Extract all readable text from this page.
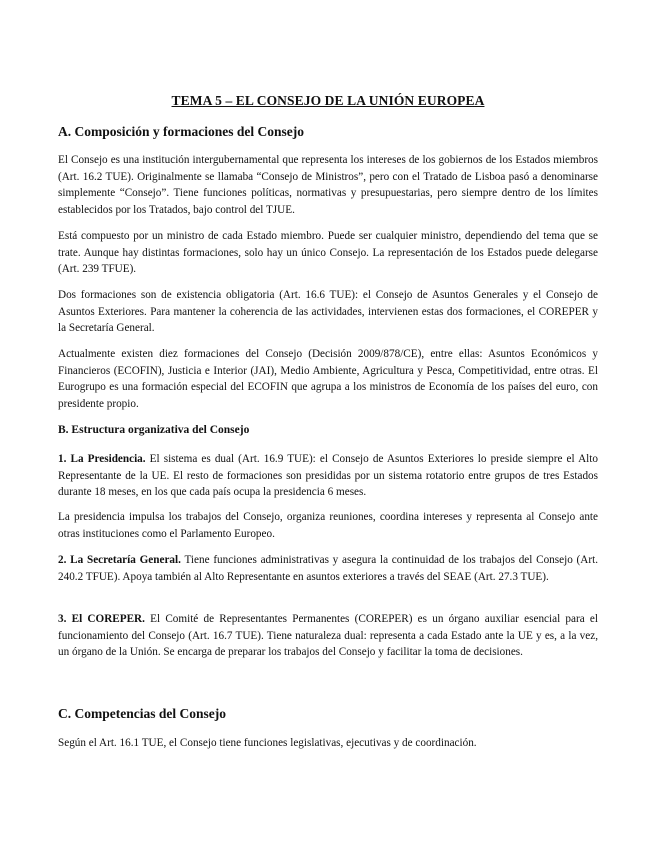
TEMA 5 – EL CONSEJO DE LA UNIÓN EUROPEA
A. Composición y formaciones del Consejo

El Consejo es una institución intergubernamental que representa los intereses de los gobiernos de los Estados miembros (Art. 16.2 TUE). Originalmente se llamaba “Consejo de Ministros”, pero con el Tratado de Lisboa pasó a denominarse simplemente “Consejo”. Tiene funciones políticas, normativas y presupuestarias, pero siempre dentro de los límites establecidos por los Tratados, bajo control del TJUE.

Está compuesto por un ministro de cada Estado miembro. Puede ser cualquier ministro, dependiendo del tema que se trate. Aunque hay distintas formaciones, solo hay un único Consejo. La representación de los Estados puede delegarse (Art. 239 TFUE).

Dos formaciones son de existencia obligatoria (Art. 16.6 TUE): el Consejo de Asuntos Generales y el Consejo de Asuntos Exteriores. Para mantener la coherencia de las actividades, intervienen estas dos formaciones, el COREPER y la Secretaría General.

Actualmente existen diez formaciones del Consejo (Decisión 2009/878/CE), entre ellas: Asuntos Económicos y Financieros (ECOFIN), Justicia e Interior (JAI), Medio Ambiente, Agricultura y Pesca, Competitividad, entre otras. El Eurogrupo es una formación especial del ECOFIN que agrupa a los ministros de Economía de los países del euro, con presidente propio.

B. Estructura organizativa del Consejo

1. La Presidencia. El sistema es dual (Art. 16.9 TUE): el Consejo de Asuntos Exteriores lo preside siempre el Alto Representante de la UE. El resto de formaciones son presididas por un sistema rotatorio entre grupos de tres Estados durante 18 meses, en los que cada país ocupa la presidencia 6 meses.

La presidencia impulsa los trabajos del Consejo, organiza reuniones, coordina intereses y representa al Consejo ante otras instituciones como el Parlamento Europeo.

2. La Secretaría General. Tiene funciones administrativas y asegura la continuidad de los trabajos del Consejo (Art. 240.2 TFUE). Apoya también al Alto Representante en asuntos exteriores a través del SEAE (Art. 27.3 TUE).

3. El COREPER. El Comité de Representantes Permanentes (COREPER) es un órgano auxiliar esencial para el funcionamiento del Consejo (Art. 16.7 TUE). Tiene naturaleza dual: representa a cada Estado ante la UE y es, a la vez, un órgano de la Unión. Se encarga de preparar los trabajos del Consejo y facilitar la toma de decisiones.

C. Competencias del Consejo

Según el Art. 16.1 TUE, el Consejo tiene funciones legislativas, ejecutivas y de coordinación.
